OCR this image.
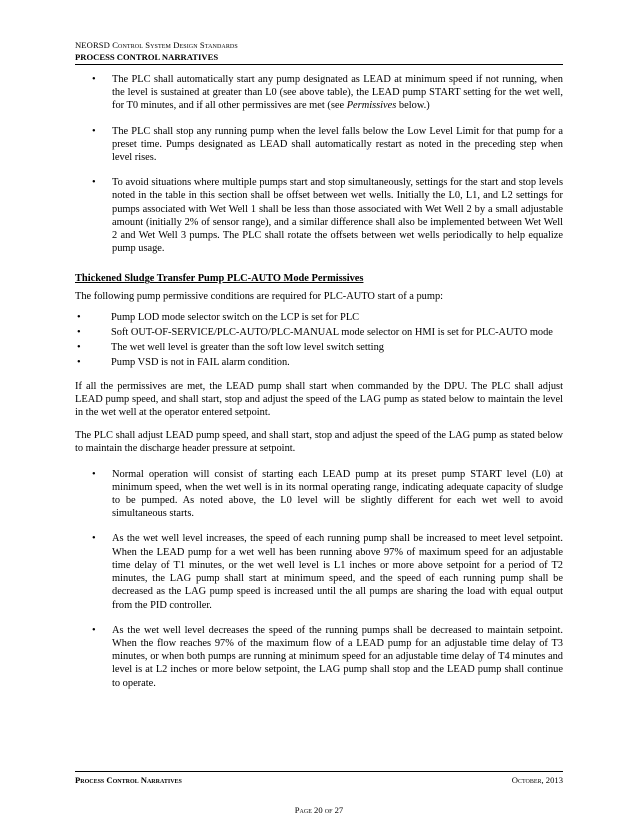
NEORSD Control System Design Standards
PROCESS CONTROL NARRATIVES
• The PLC shall automatically start any pump designated as LEAD at minimum speed if not running, when the level is sustained at greater than L0 (see above table), the LEAD pump START setting for the wet well, for T0 minutes, and if all other permissives are met (see Permissives below.)
• The PLC shall stop any running pump when the level falls below the Low Level Limit for that pump for a preset time. Pumps designated as LEAD shall automatically restart as noted in the preceding step when level rises.
• To avoid situations where multiple pumps start and stop simultaneously, settings for the start and stop levels noted in the table in this section shall be offset between wet wells. Initially the L0, L1, and L2 settings for pumps associated with Wet Well 1 shall be less than those associated with Wet Well 2 by a small adjustable amount (initially 2% of sensor range), and a similar difference shall also be implemented between Wet Well 2 and Wet Well 3 pumps. The PLC shall rotate the offsets between wet wells periodically to help equalize pump usage.
Thickened Sludge Transfer Pump PLC-AUTO Mode Permissives

The following pump permissive conditions are required for PLC-AUTO start of a pump:

• Pump LOD mode selector switch on the LCP is set for PLC
• Soft OUT-OF-SERVICE/PLC-AUTO/PLC-MANUAL mode selector on HMI is set for PLC-AUTO mode
• The wet well level is greater than the soft low level switch setting
• Pump VSD is not in FAIL alarm condition.

If all the permissives are met, the LEAD pump shall start when commanded by the DPU. The PLC shall adjust LEAD pump speed, and shall start, stop and adjust the speed of the LAG pump as stated below to maintain the level in the wet well at the operator entered setpoint.

The PLC shall adjust LEAD pump speed, and shall start, stop and adjust the speed of the LAG pump as stated below to maintain the discharge header pressure at setpoint.

• Normal operation will consist of starting each LEAD pump at its preset pump START level (L0) at minimum speed, when the wet well is in its normal operating range, indicating adequate capacity of sludge to be pumped. As noted above, the L0 level will be slightly different for each wet well to avoid simultaneous starts.
• As the wet well level increases, the speed of each running pump shall be increased to meet level setpoint. When the LEAD pump for a wet well has been running above 97% of maximum speed for an adjustable time delay of T1 minutes, or the wet well level is L1 inches or more above setpoint for a period of T2 minutes, the LAG pump shall start at minimum speed, and the speed of each running pump shall be decreased as the LAG pump speed is increased until the all pumps are sharing the load with equal output from the PID controller.
• As the wet well level decreases the speed of the running pumps shall be decreased to maintain setpoint. When the flow reaches 97% of the maximum flow of a LEAD pump for an adjustable time delay of T3 minutes, or when both pumps are running at minimum speed for an adjustable time delay of T4 minutes and level is at L2 inches or more below setpoint, the LAG pump shall stop and the LEAD pump shall continue to operate.
Process Control Narratives	October, 2013
Page 20 of 27
